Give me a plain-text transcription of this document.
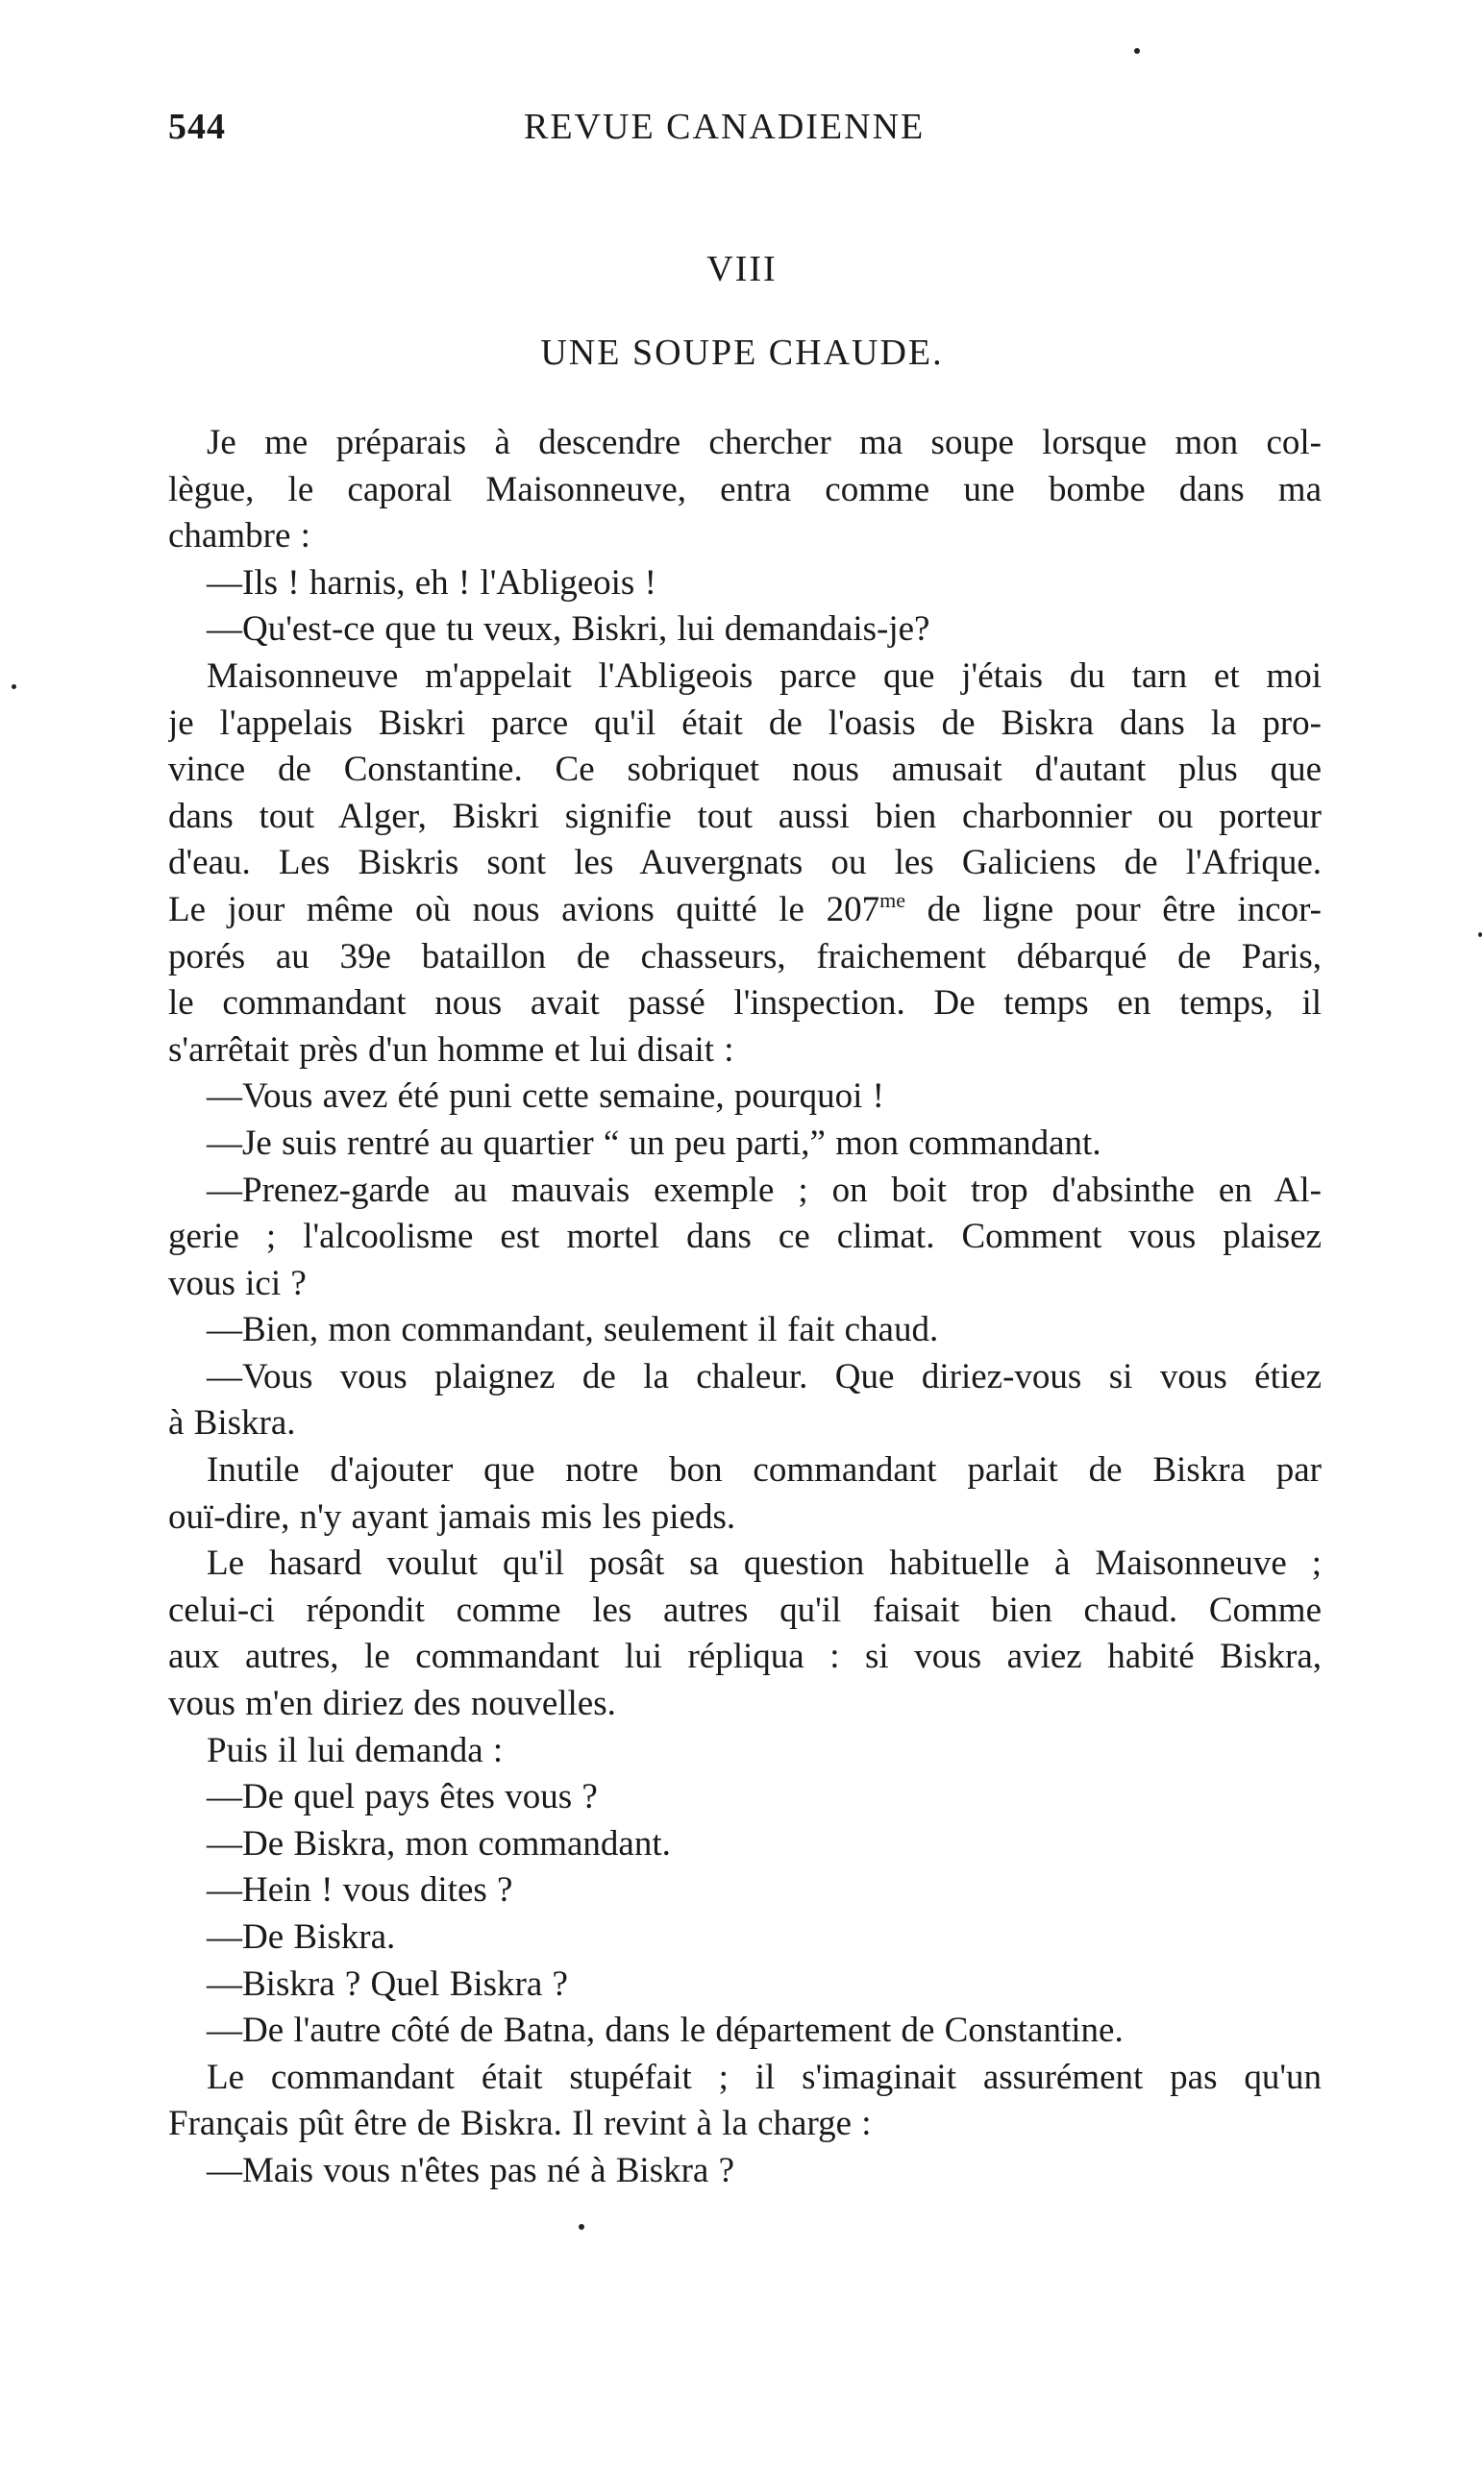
544	REVUE CANADIENNE
VIII
UNE SOUPE CHAUDE.
Je me préparais à descendre chercher ma soupe lorsque mon col-
lègue, le caporal Maisonneuve, entra comme une bombe dans ma
chambre :
—Ils ! harnis, eh ! l'Abligeois !
—Qu'est-ce que tu veux, Biskri, lui demandais-je?
Maisonneuve m'appelait l'Abligeois parce que j'étais du tarn et moi
je l'appelais Biskri parce qu'il était de l'oasis de Biskra dans la pro-
vince de Constantine. Ce sobriquet nous amusait d'autant plus que
dans tout Alger, Biskri signifie tout aussi bien charbonnier ou porteur
d'eau. Les Biskris sont les Auvergnats ou les Galiciens de l'Afrique.
Le jour même où nous avions quitté le $207^{me}$ de ligne pour être incor-
porés au 39e bataillon de chasseurs, fraichement débarqué de Paris,
le commandant nous avait passé l'inspection. De temps en temps, il
s'arrêtait près d'un homme et lui disait :
—Vous avez été puni cette semaine, pourquoi !
—Je suis rentré au quartier “ un peu parti,” mon commandant.
—Prenez-garde au mauvais exemple ; on boit trop d'absinthe en Al-
gerie ; l'alcoolisme est mortel dans ce climat. Comment vous plaisez
vous ici ?
—Bien, mon commandant, seulement il fait chaud.
—Vous vous plaignez de la chaleur. Que diriez-vous si vous étiez
à Biskra.
Inutile d'ajouter que notre bon commandant parlait de Biskra par
ouï-dire, n'y ayant jamais mis les pieds.
Le hasard voulut qu'il posât sa question habituelle à Maisonneuve ;
celui-ci répondit comme les autres qu'il faisait bien chaud. Comme
aux autres, le commandant lui répliqua : si vous aviez habité Biskra,
vous m'en diriez des nouvelles.
Puis il lui demanda :
—De quel pays êtes vous ?
—De Biskra, mon commandant.
—Hein ! vous dites ?
—De Biskra.
—Biskra ? Quel Biskra ?
—De l'autre côté de Batna, dans le département de Constantine.
Le commandant était stupéfait ; il s'imaginait assurément pas qu'un
Français pût être de Biskra. Il revint à la charge :
—Mais vous n'êtes pas né à Biskra ?
